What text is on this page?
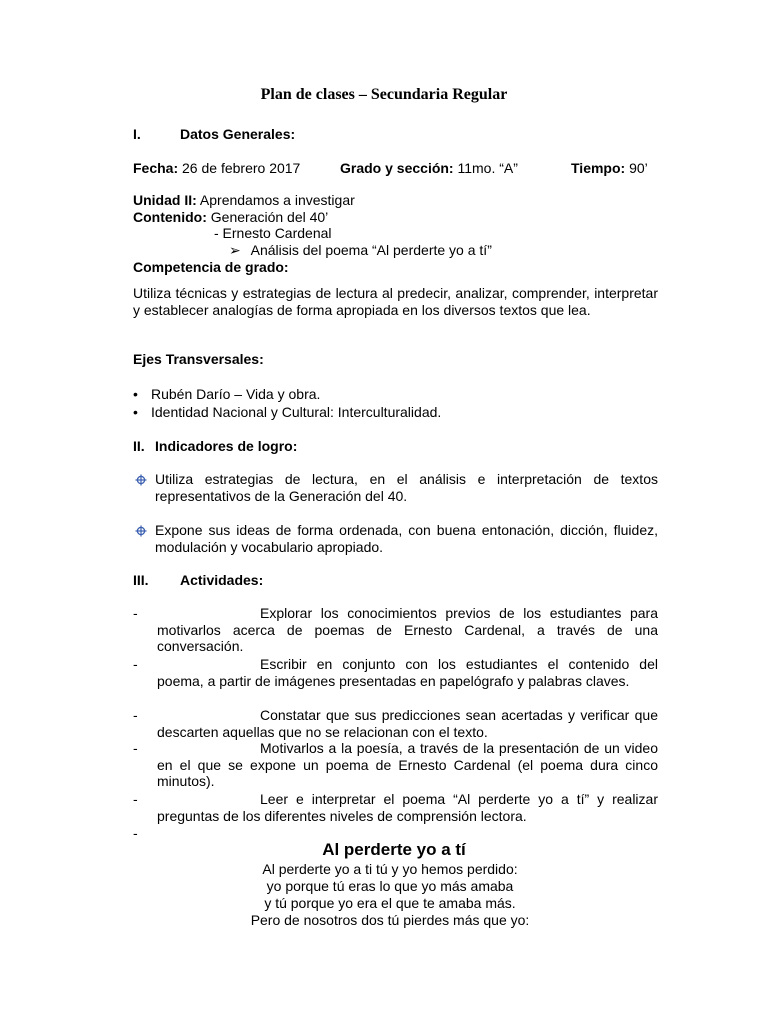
Plan de clases – Secundaria Regular
I.	Datos Generales:
Fecha: 26 de febrero 2017	Grado y sección: 11mo. “A”	Tiempo: 90’
Unidad II: Aprendamos a investigar
Contenido: Generación del 40’
- Ernesto Cardenal
➢ Análisis del poema “Al perderte yo a tí”
Competencia de grado:
Utiliza técnicas y estrategias de lectura al predecir, analizar, comprender, interpretar y establecer analogías de forma apropiada en los diversos textos que lea.
Ejes Transversales:
• Rubén Darío – Vida y obra.
• Identidad Nacional y Cultural: Interculturalidad.
II. Indicadores de logro:
Utiliza estrategias de lectura, en el análisis e interpretación de textos representativos de la Generación del 40.
Expone sus ideas de forma ordenada, con buena entonación, dicción, fluidez, modulación y vocabulario apropiado.
III. Actividades:
-	Explorar los conocimientos previos de los estudiantes para motivarlos acerca de poemas de Ernesto Cardenal, a través de una conversación.
-	Escribir en conjunto con los estudiantes el contenido del poema, a partir de imágenes presentadas en papelógrafo y palabras claves.
-	Constatar que sus predicciones sean acertadas y verificar que descarten aquellas que no se relacionan con el texto.
-	Motivarlos a la poesía, a través de la presentación de un video en el que se expone un poema de Ernesto Cardenal (el poema dura cinco minutos).
-	Leer e interpretar el poema “Al perderte yo a tí” y realizar preguntas de los diferentes niveles de comprensión lectora.
-
Al perderte yo a tí
Al perderte yo a ti tú y yo hemos perdido:
yo porque tú eras lo que yo más amaba
y tú porque yo era el que te amaba más.
Pero de nosotros dos tú pierdes más que yo:
